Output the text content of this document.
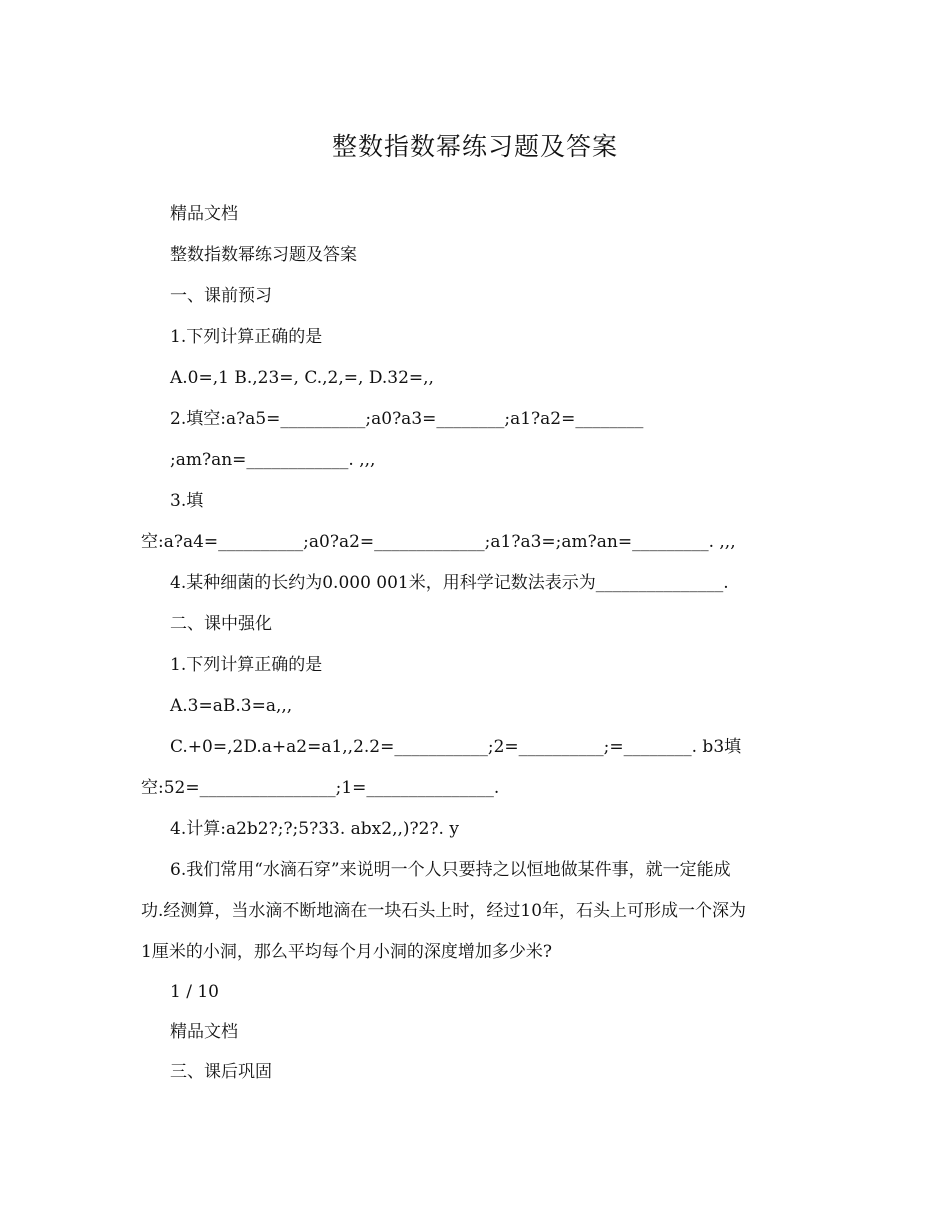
整数指数幂练习题及答案
精品文档
整数指数幂练习题及答案
一、课前预习
1.下列计算正确的是
A.0=,1 B.,23=, C.,2,=, D.32=,,
2.填空:a?a5=__________;a0?a3=________;a1?a2=________
;am?an=____________. ,,,
3.填
空:a?a4=__________;a0?a2=_____________;a1?a3=;am?an=_________. ,,,
4.某种细菌的长约为0.000 001米，用科学记数法表示为_______________.
二、课中强化
1.下列计算正确的是
A.3=aB.3=a,,,
C.+0=,2D.a+a2=a1,,2.2=___________;2=__________;=________. b3填
空:52=________________;1=_______________.
4.计算:a2b2?;?;5?33. abx2,,)?2?. y
6.我们常用“水滴石穿”来说明一个人只要持之以恒地做某件事，就一定能成
功.经测算，当水滴不断地滴在一块石头上时，经过10年，石头上可形成一个深为
1厘米的小洞，那么平均每个月小洞的深度增加多少米?
1 / 10
精品文档
三、课后巩固
